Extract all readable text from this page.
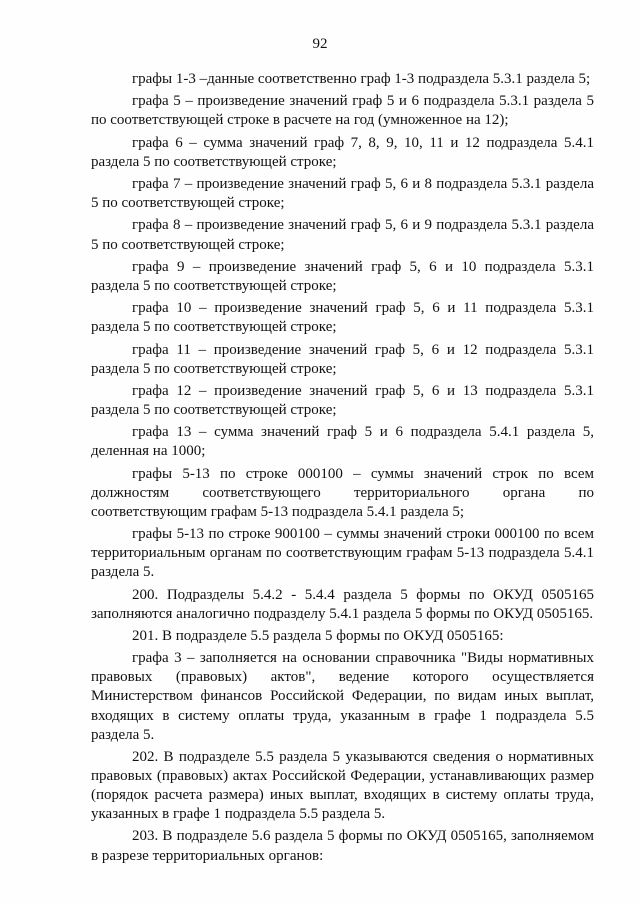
92

графы 1-3 –данные соответственно граф 1-3 подраздела 5.3.1 раздела 5;

графа 5 – произведение значений граф 5 и 6 подраздела 5.3.1 раздела 5 по соответствующей строке в расчете на год (умноженное на 12);

графа 6 – сумма значений граф 7, 8, 9, 10, 11 и 12 подраздела 5.4.1 раздела 5 по соответствующей строке;

графа 7 – произведение значений граф 5, 6 и 8 подраздела 5.3.1 раздела 5 по соответствующей строке;

графа 8 – произведение значений граф 5, 6 и 9 подраздела 5.3.1 раздела 5 по соответствующей строке;

графа 9 – произведение значений граф 5, 6 и 10 подраздела 5.3.1 раздела 5 по соответствующей строке;

графа 10 – произведение значений граф 5, 6 и 11 подраздела 5.3.1 раздела 5 по соответствующей строке;

графа 11 – произведение значений граф 5, 6 и 12 подраздела 5.3.1 раздела 5 по соответствующей строке;

графа 12 – произведение значений граф 5, 6 и 13 подраздела 5.3.1 раздела 5 по соответствующей строке;

графа 13 – сумма значений граф 5 и 6 подраздела 5.4.1 раздела 5, деленная на 1000;

графы 5-13 по строке 000100 – суммы значений строк по всем должностям соответствующего территориального органа по соответствующим графам 5-13 подраздела 5.4.1 раздела 5;

графы 5-13 по строке 900100 – суммы значений строки 000100 по всем территориальным органам по соответствующим графам 5-13 подраздела 5.4.1 раздела 5.

200. Подразделы 5.4.2 - 5.4.4 раздела 5 формы по ОКУД 0505165 заполняются аналогично подразделу 5.4.1 раздела 5 формы по ОКУД 0505165.

201. В подразделе 5.5 раздела 5 формы по ОКУД 0505165:

графа 3 – заполняется на основании справочника "Виды нормативных правовых (правовых) актов", ведение которого осуществляется Министерством финансов Российской Федерации, по видам иных выплат, входящих в систему оплаты труда, указанным в графе 1 подраздела 5.5 раздела 5.

202. В подразделе 5.5 раздела 5 указываются сведения о нормативных правовых (правовых) актах Российской Федерации, устанавливающих размер (порядок расчета размера) иных выплат, входящих в систему оплаты труда, указанных в графе 1 подраздела 5.5 раздела 5.

203. В подразделе 5.6 раздела 5 формы по ОКУД 0505165, заполняемом в разрезе территориальных органов:
